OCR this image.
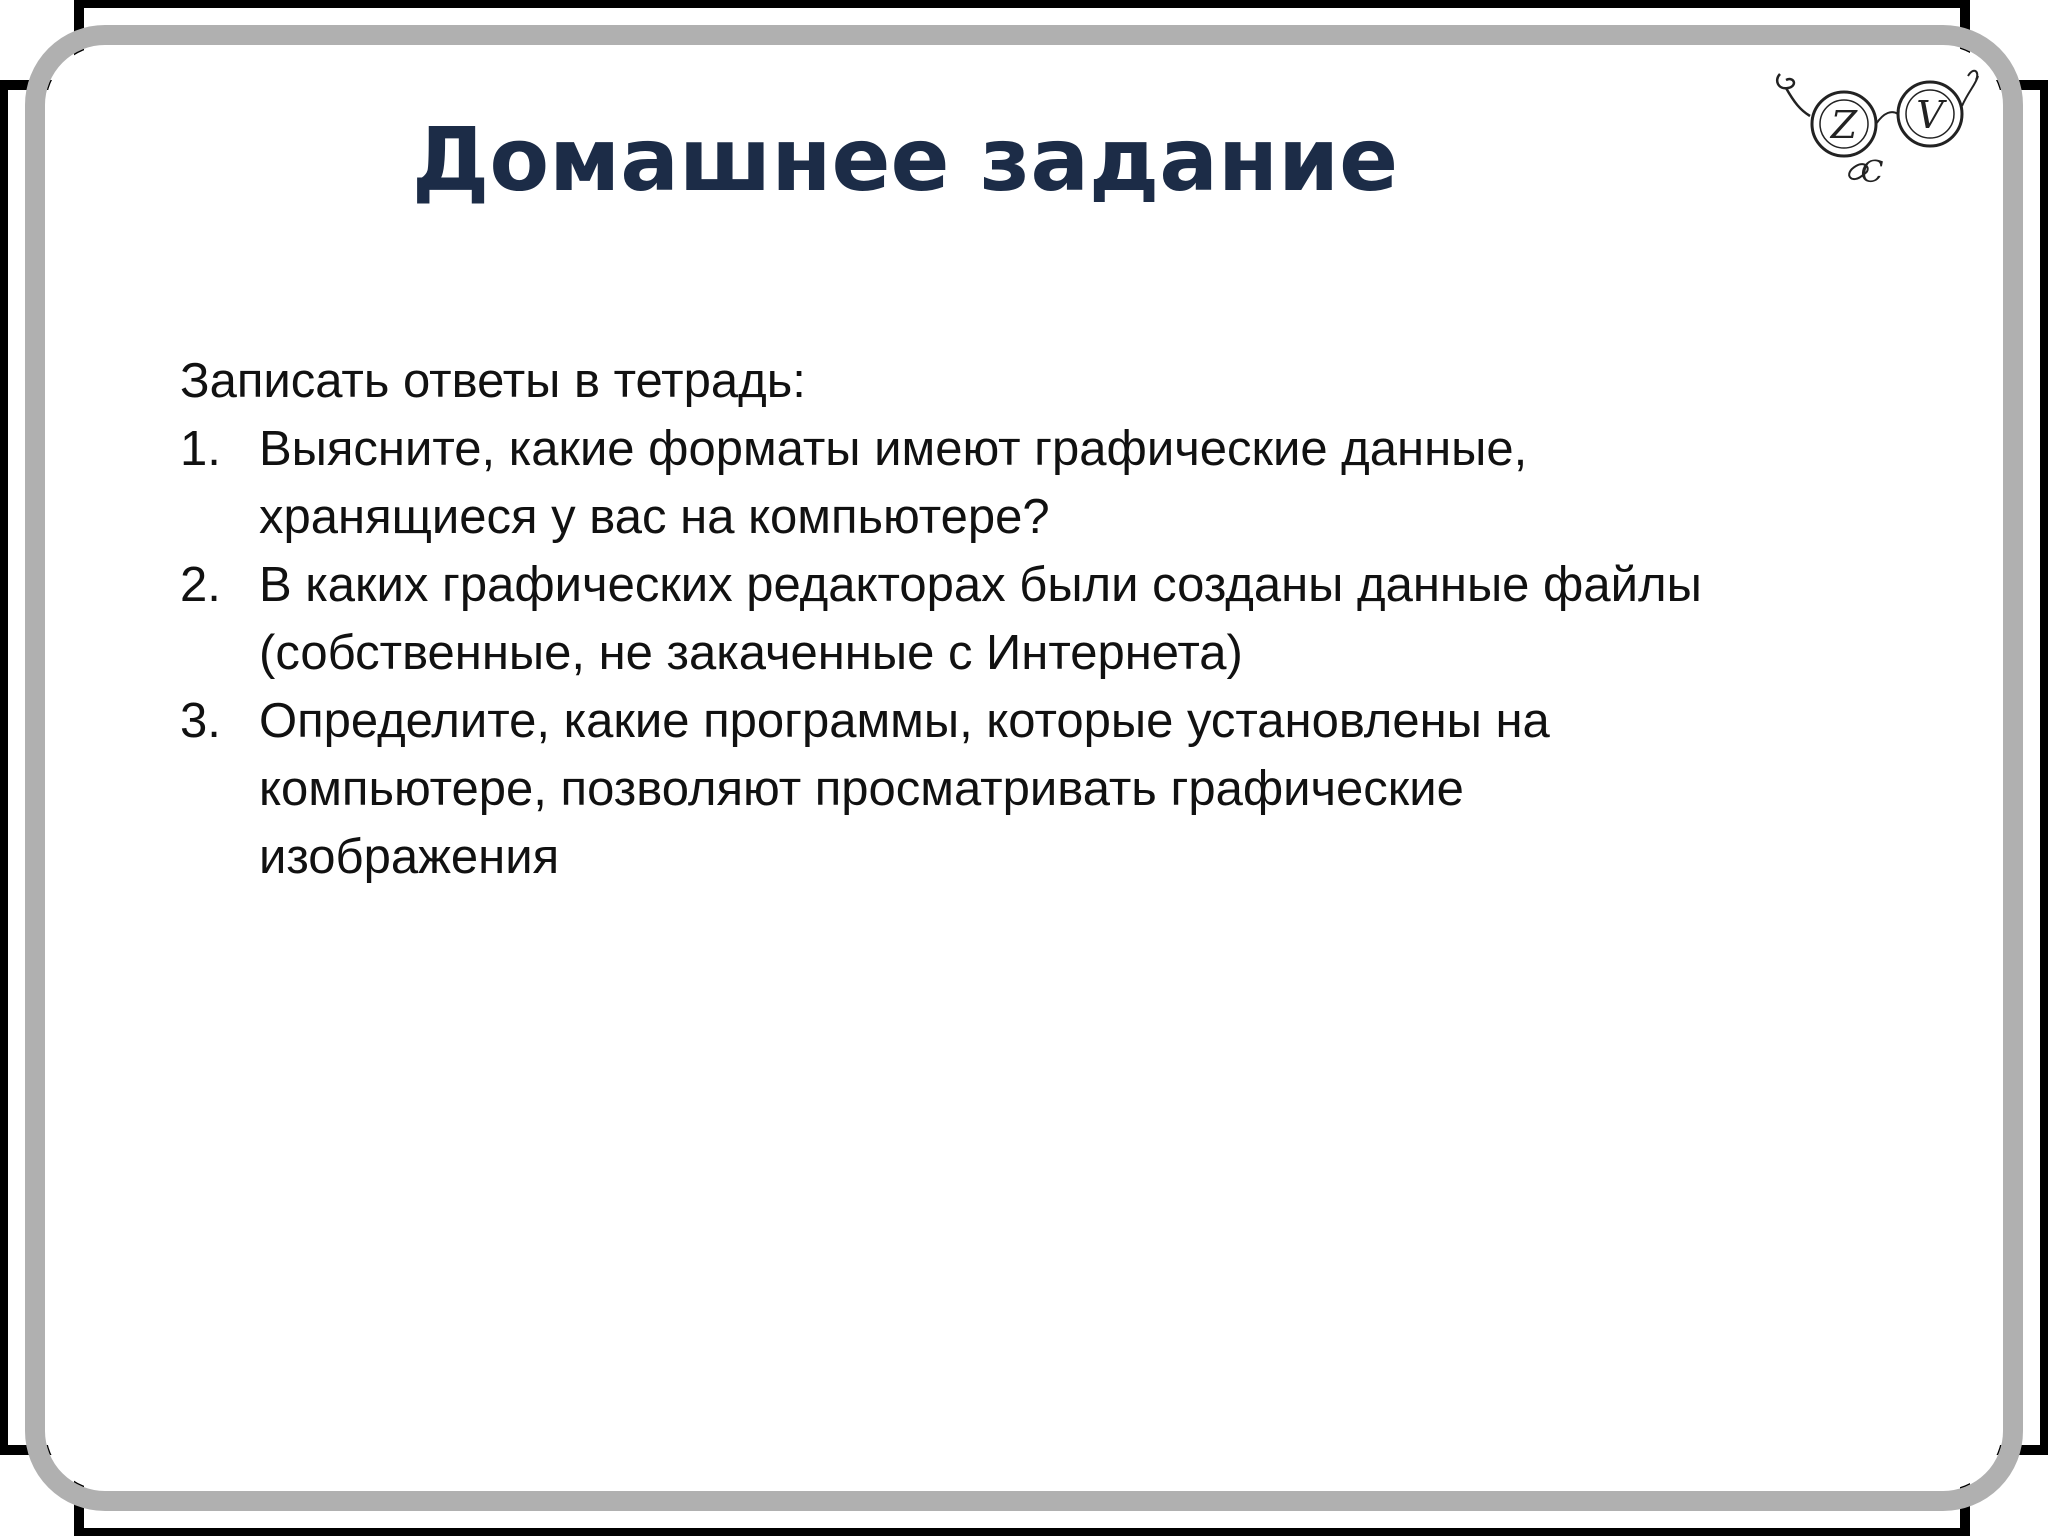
Z
C
V
Домашнее задание

Записать ответы в тетрадь:

1. Выясните, какие форматы имеют графические данные,
хранящиеся у вас на компьютере?
2. В каких графических редакторах были созданы данные файлы
(собственные, не закаченные с Интернета)
3. Определите, какие программы, которые установлены на
компьютере, позволяют просматривать графические
изображения
